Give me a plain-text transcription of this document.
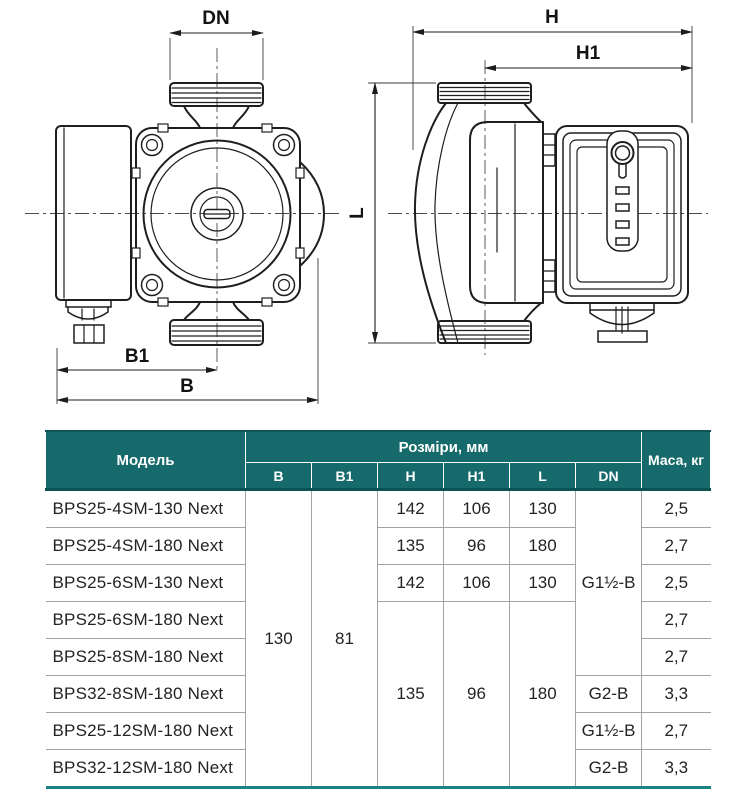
DN	H
H1
L
B1
B
Модель	Розміри, мм						Маса, кг
	B	B1	H	H1	L	DN	
BPS25-4SM-130 Next	130	81	142	106	130	G1½-B	2,5
BPS25-4SM-180 Next			135	96	180		2,7
BPS25-6SM-130 Next			142	106	130		2,5
BPS25-6SM-180 Next			135	96	180		2,7
BPS25-8SM-180 Next							2,7
BPS32-8SM-180 Next						G2-B	3,3
BPS25-12SM-180 Next						G1½-B	2,7
BPS32-12SM-180 Next						G2-B	3,3
